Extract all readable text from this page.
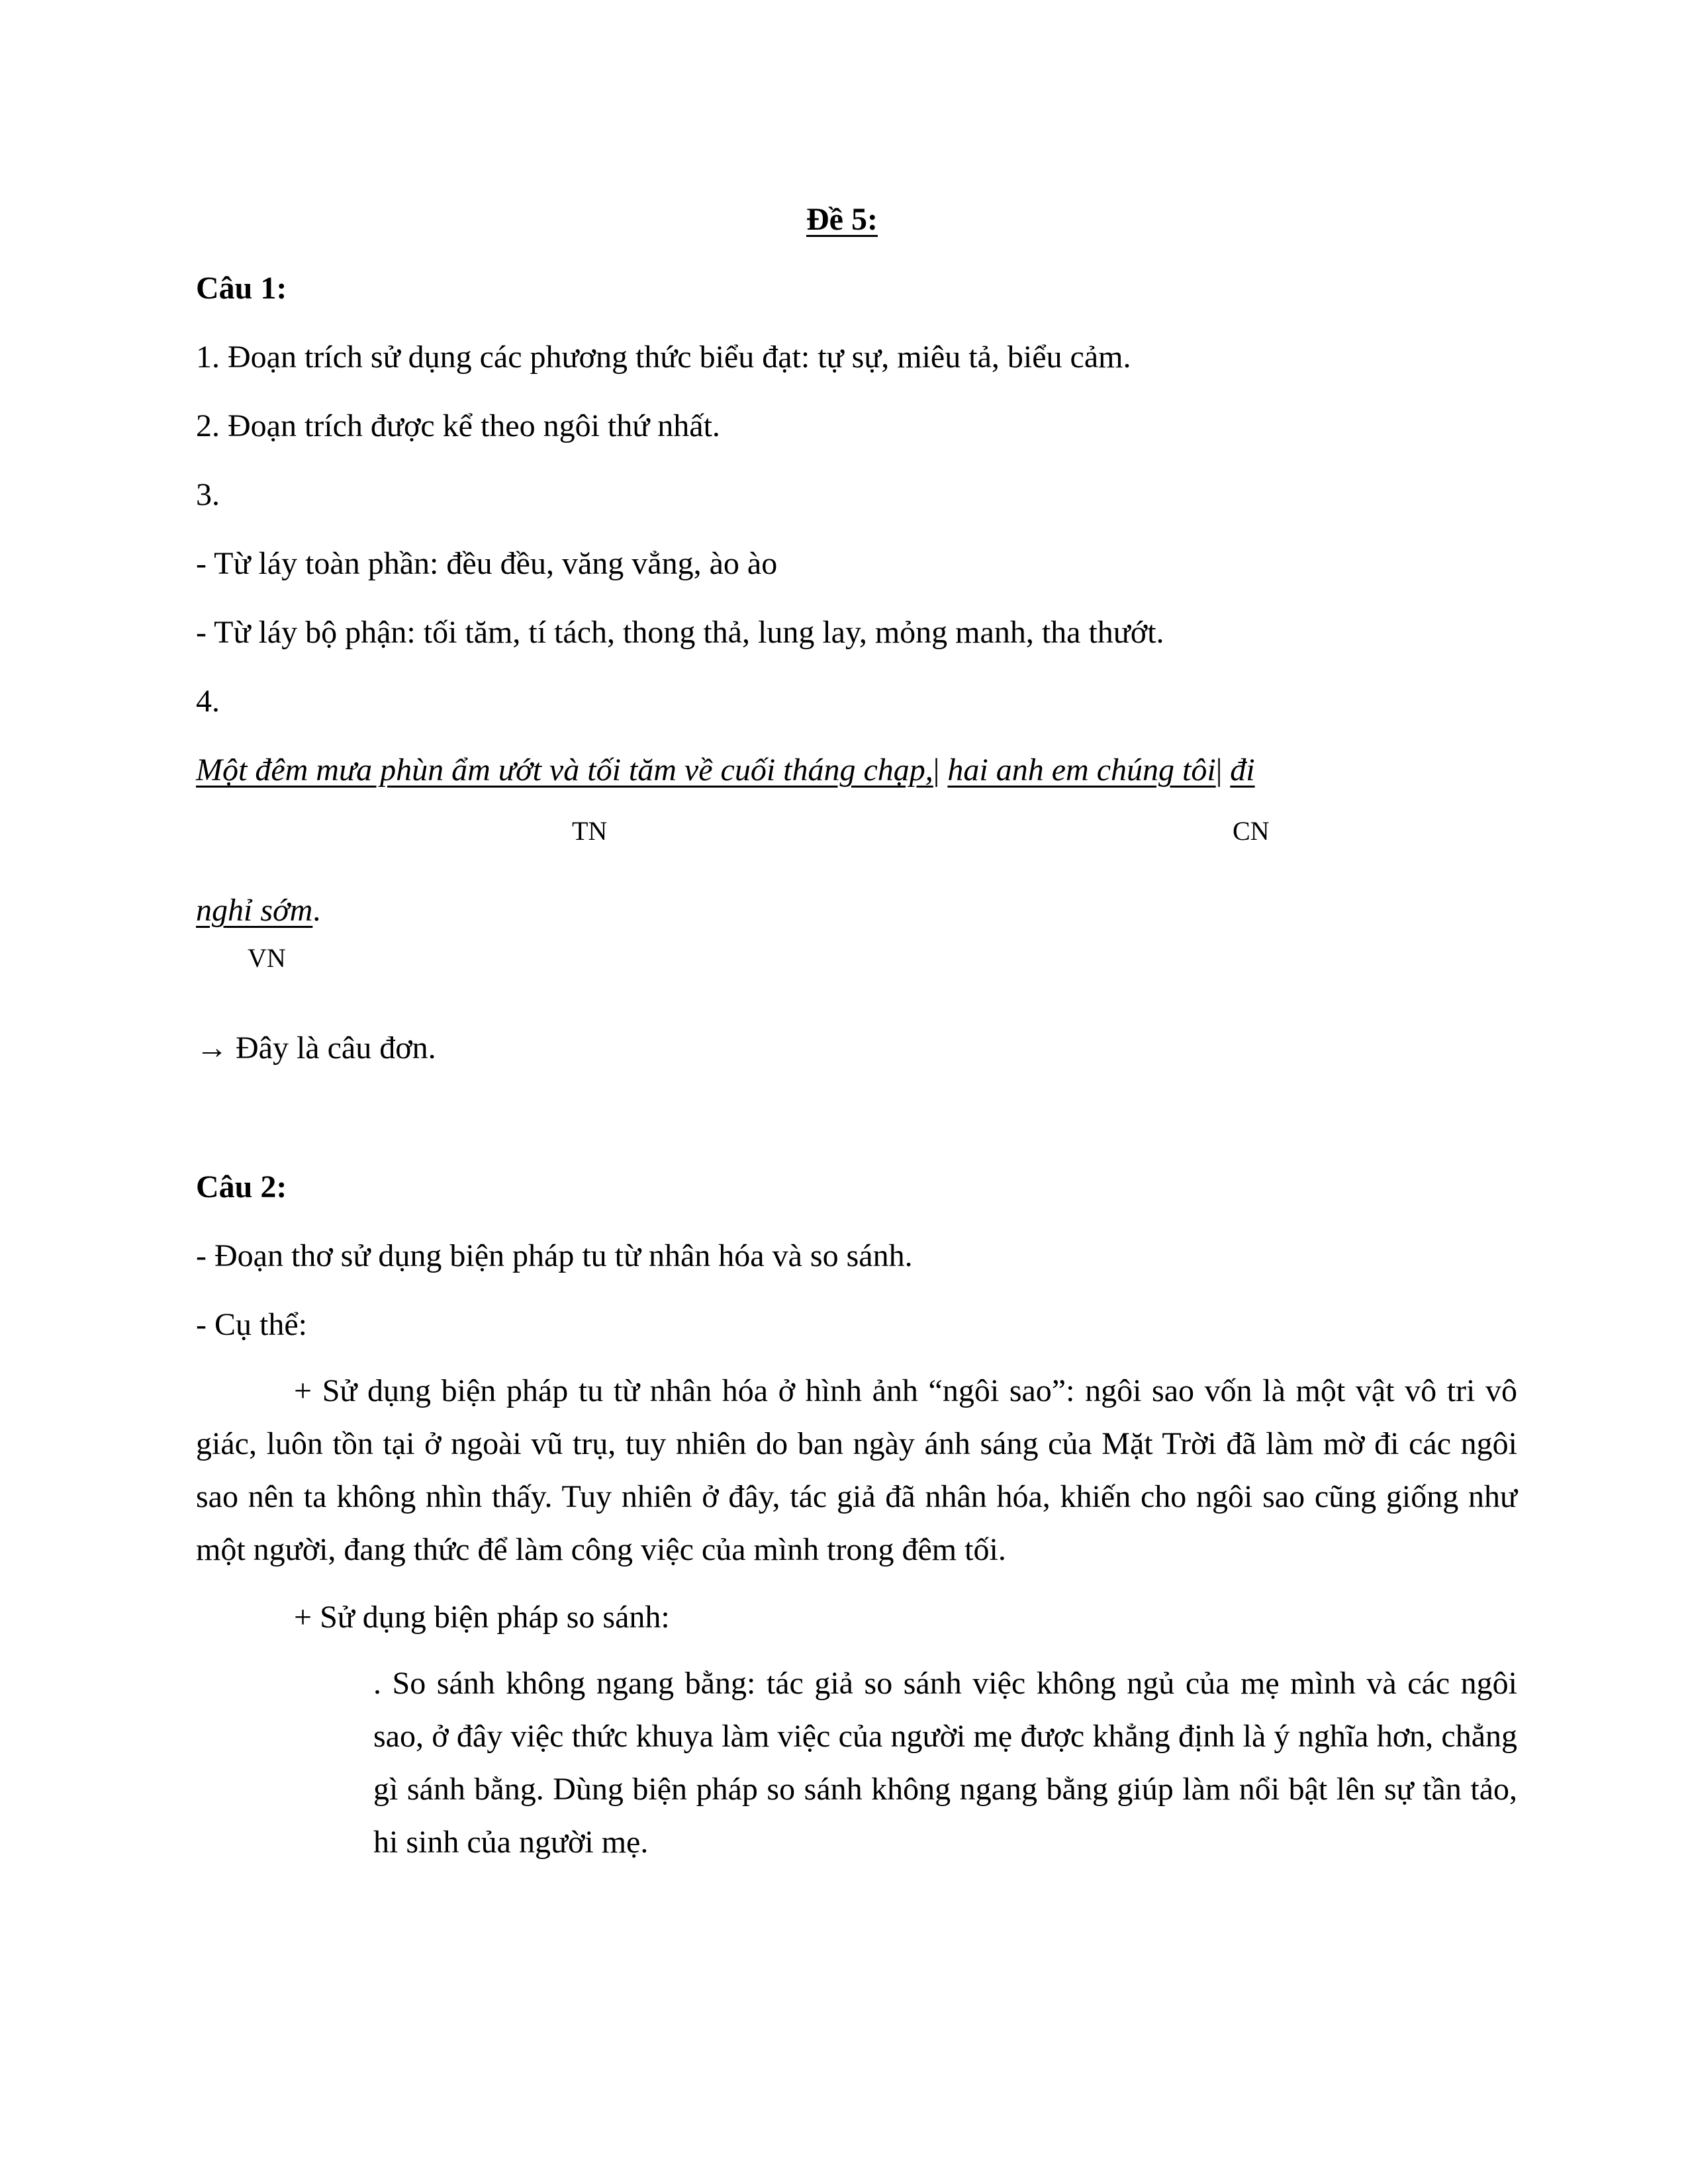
Đề 5:
Câu 1:
1. Đoạn trích sử dụng các phương thức biểu đạt: tự sự, miêu tả, biểu cảm.
2. Đoạn trích được kể theo ngôi thứ nhất.
3.
- Từ láy toàn phần: đều đều, văng vẳng, ào ào
- Từ láy bộ phận: tối tăm, tí tách, thong thả, lung lay, mỏng manh, tha thướt.
4.
Một đêm mưa phùn ẩm ướt và tối tăm về cuối tháng chạp,| hai anh em chúng tôi| đi
TN	CN
nghỉ sớm.
VN
→ Đây là câu đơn.
Câu 2:
- Đoạn thơ sử dụng biện pháp tu từ nhân hóa và so sánh.
- Cụ thể:

+ Sử dụng biện pháp tu từ nhân hóa ở hình ảnh “ngôi sao”: ngôi sao vốn là một vật vô tri vô giác, luôn tồn tại ở ngoài vũ trụ, tuy nhiên do ban ngày ánh sáng của Mặt Trời đã làm mờ đi các ngôi sao nên ta không nhìn thấy. Tuy nhiên ở đây, tác giả đã nhân hóa, khiến cho ngôi sao cũng giống như một người, đang thức để làm công việc của mình trong đêm tối.

+ Sử dụng biện pháp so sánh:

. So sánh không ngang bằng: tác giả so sánh việc không ngủ của mẹ mình và các ngôi sao, ở đây việc thức khuya làm việc của người mẹ được khẳng định là ý nghĩa hơn, chẳng gì sánh bằng. Dùng biện pháp so sánh không ngang bằng giúp làm nổi bật lên sự tần tảo, hi sinh của người mẹ.
